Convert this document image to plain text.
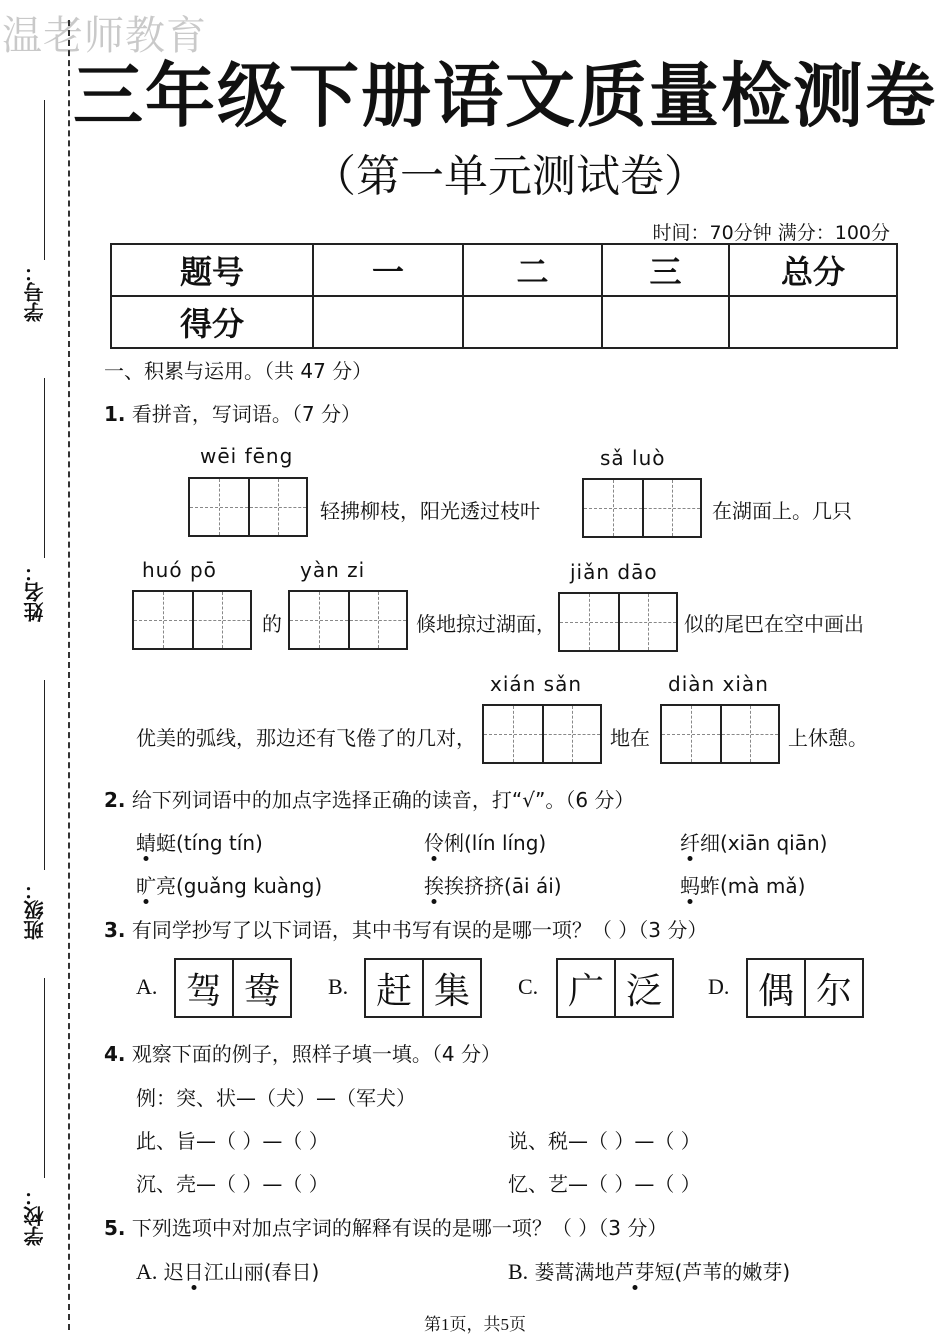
温老师教育
三年级下册语文质量检测卷
（第一单元测试卷）
时间：70分钟 满分：100分
学号：
姓名：
班级：
学校：
题号	一	二	三	总分
得分				
一、积累与运用。（共 47 分）
1. 看拼音，写词语。（7 分）
wēi fēng
轻拂柳枝，阳光透过枝叶
sǎ luò
在湖面上。几只
huó pō
的
yàn zi
倏地掠过湖面，
jiǎn dāo
似的尾巴在空中画出
优美的弧线，那边还有飞倦了的几对，
xián sǎn
地在
diàn xiàn
上休憩。
2. 给下列词语中的加点字选择正确的读音，打“√”。（6 分）
蜻蜓(tíng tín)	伶俐(lín líng)	纤细(xiān qiān)
旷亮(guǎng kuàng)	挨挨挤挤(āi ái)	蚂蚱(mà mǎ)
3. 有同学抄写了以下词语，其中书写有误的是哪一项？（ ）（3 分）
A. 驾 鸯	B. 赶 集	C. 广 泛	D. 偶 尔
4. 观察下面的例子，照样子填一填。（4 分）
例：突、状—（犬）—（军犬）
此、旨—（ ）—（ ）	说、税—（ ）—（ ）
沉、壳—（ ）—（ ）	忆、艺—（ ）—（ ）
5. 下列选项中对加点字词的解释有误的是哪一项？（ ）（3 分）
A. 迟日江山丽(春日)	B. 蒌蒿满地芦芽短(芦苇的嫩芽)
第1页，共5页
